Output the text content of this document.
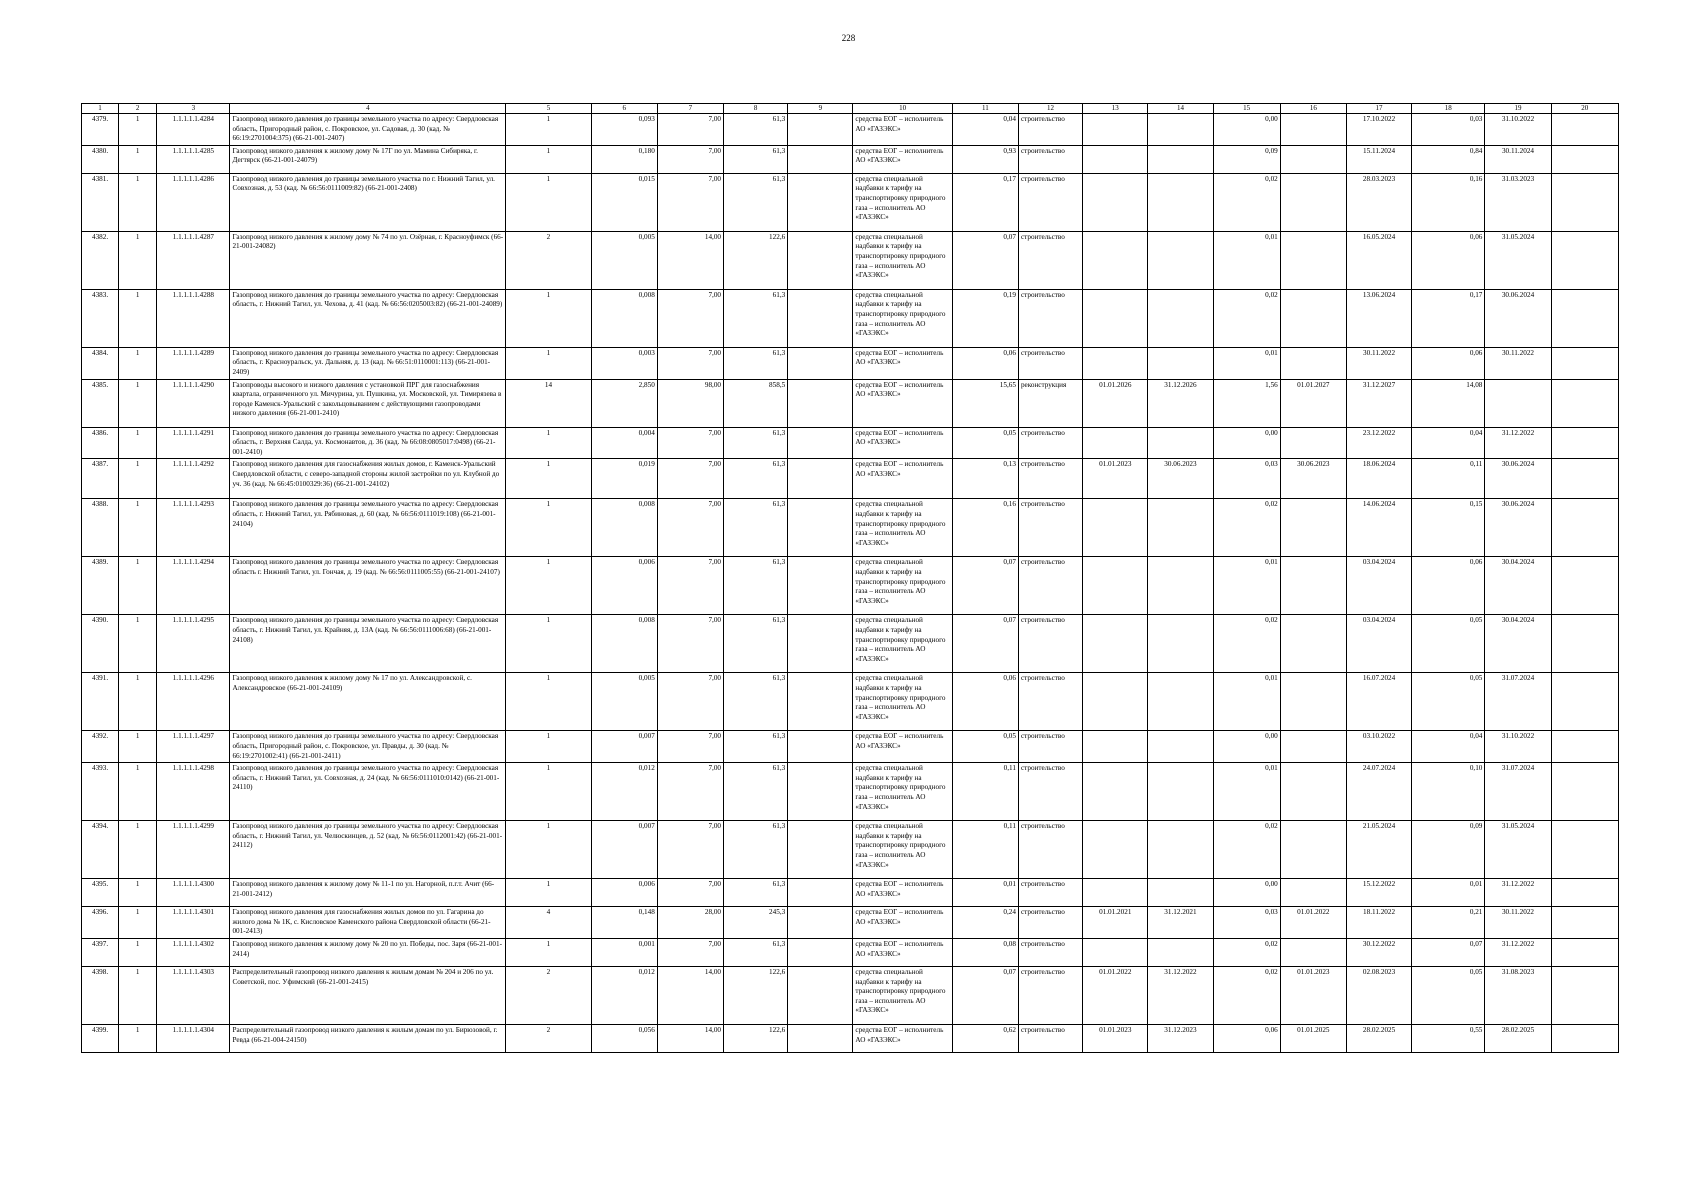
228
1	2	3	4	5	6	7	8	9	10	11	12	13	14	15	16	17	18	19	20
4379.	1	1.1.1.1.1.4284	Газопровод низкого давления до границы земельного участка по адресу: Свердловская область, Пригородный район, с. Покровское, ул. Садовая, д. 30 (кад. № 66:19:2701004:375) (66-21-001-2407)	1	0,093	7,00	61,3		средства ЕОГ – исполнитель АО «ГАЗЭКС»	0,04	строительство			0,00		17.10.2022	0,03	31.10.2022	
4380.	1	1.1.1.1.1.4285	Газопровод низкого давления к жилому дому № 17Г по ул. Мамина Сибиряка, г. Дегтярск (66-21-001-24079)	1	0,180	7,00	61,3		средства ЕОГ – исполнитель АО «ГАЗЭКС»	0,93	строительство			0,09		15.11.2024	0,84	30.11.2024	
4381.	1	1.1.1.1.1.4286	Газопровод низкого давления до границы земельного участка по г. Нижний Тагил, ул. Совхозная, д. 53 (кад. № 66:56:0111009:82) (66-21-001-2408)	1	0,015	7,00	61,3		средства специальной надбавки к тарифу на транспортировку природного газа – исполнитель АО «ГАЗЭКС»	0,17	строительство			0,02		28.03.2023	0,16	31.03.2023	
4382.	1	1.1.1.1.1.4287	Газопровод низкого давления к жилому дому № 74 по ул. Озёрная, г. Красноуфимск (66-21-001-24082)	2	0,005	14,00	122,6		средства специальной надбавки к тарифу на транспортировку природного газа – исполнитель АО «ГАЗЭКС»	0,07	строительство			0,01		16.05.2024	0,06	31.05.2024	
4383.	1	1.1.1.1.1.4288	Газопровод низкого давления до границы земельного участка по адресу: Свердловская область, г. Нижний Тагил, ул. Чехова, д. 41 (кад. № 66:56:0205003:82) (66-21-001-24089)	1	0,008	7,00	61,3		средства специальной надбавки к тарифу на транспортировку природного газа – исполнитель АО «ГАЗЭКС»	0,19	строительство			0,02		13.06.2024	0,17	30.06.2024	
4384.	1	1.1.1.1.1.4289	Газопровод низкого давления до границы земельного участка по адресу: Свердловская область, г. Красноуральск, ул. Дальняя, д. 13 (кад. № 66:51:0110001:113) (66-21-001-2409)	1	0,003	7,00	61,3		средства ЕОГ – исполнитель АО «ГАЗЭКС»	0,06	строительство			0,01		30.11.2022	0,06	30.11.2022	
4385.	1	1.1.1.1.1.4290	Газопроводы высокого и низкого давления с установкой ПРГ для газоснабжения квартала, ограниченного ул. Мичурина, ул. Пушкина, ул. Московской, ул. Тимирязева в городе Каменск-Уральский с закольцовыванием с действующими газопроводами низкого давления (66-21-001-2410)	14	2,850	98,00	858,5		средства ЕОГ – исполнитель АО «ГАЗЭКС»	15,65	реконструкция	01.01.2026	31.12.2026	1,56	01.01.2027	31.12.2027	14,08		
4386.	1	1.1.1.1.1.4291	Газопровод низкого давления до границы земельного участка по адресу: Свердловская область, г. Верхняя Салда, ул. Космонавтов, д. 36 (кад. № 66:08:0805017:0498) (66-21-001-2410)	1	0,004	7,00	61,3		средства ЕОГ – исполнитель АО «ГАЗЭКС»	0,05	строительство			0,00		23.12.2022	0,04	31.12.2022	
4387.	1	1.1.1.1.1.4292	Газопровод низкого давления для газоснабжения жилых домов, г. Каменск-Уральский Свердловской области, с северо-западной стороны жилой застройки по ул. Клубной до уч. 36 (кад. № 66:45:0100329:36) (66-21-001-24102)	1	0,019	7,00	61,3		средства ЕОГ – исполнитель АО «ГАЗЭКС»	0,13	строительство	01.01.2023	30.06.2023	0,03	30.06.2023	18.06.2024	0,11	30.06.2024	
4388.	1	1.1.1.1.1.4293	Газопровод низкого давления до границы земельного участка по адресу: Свердловская область, г. Нижний Тагил, ул. Рябиновая, д. 60 (кад. № 66:56:0111019:108) (66-21-001-24104)	1	0,008	7,00	61,3		средства специальной надбавки к тарифу на транспортировку природного газа – исполнитель АО «ГАЗЭКС»	0,16	строительство			0,02		14.06.2024	0,15	30.06.2024	
4389.	1	1.1.1.1.1.4294	Газопровод низкого давления до границы земельного участка по адресу: Свердловская область г. Нижний Тагил, ул. Гончая, д. 19 (кад. № 66:56:0111005:55) (66-21-001-24107)	1	0,006	7,00	61,3		средства специальной надбавки к тарифу на транспортировку природного газа – исполнитель АО «ГАЗЭКС»	0,07	строительство			0,01		03.04.2024	0,06	30.04.2024	
4390.	1	1.1.1.1.1.4295	Газопровод низкого давления до границы земельного участка по адресу: Свердловская область, г. Нижний Тагил, ул. Крайняя, д. 13А (кад. № 66:56:0111006:68) (66-21-001-24108)	1	0,008	7,00	61,3		средства специальной надбавки к тарифу на транспортировку природного газа – исполнитель АО «ГАЗЭКС»	0,07	строительство			0,02		03.04.2024	0,05	30.04.2024	
4391.	1	1.1.1.1.1.4296	Газопровод низкого давления к жилому дому № 17 по ул. Александровской, с. Александровское (66-21-001-24109)	1	0,005	7,00	61,3		средства специальной надбавки к тарифу на транспортировку природного газа – исполнитель АО «ГАЗЭКС»	0,06	строительство			0,01		16.07.2024	0,05	31.07.2024	
4392.	1	1.1.1.1.1.4297	Газопровод низкого давления до границы земельного участка по адресу: Свердловская область, Пригородный район, с. Покровское, ул. Правды, д. 30 (кад. № 66:19:2701002:41) (66-21-001-2411)	1	0,007	7,00	61,3		средства ЕОГ – исполнитель АО «ГАЗЭКС»	0,05	строительство			0,00		03.10.2022	0,04	31.10.2022	
4393.	1	1.1.1.1.1.4298	Газопровод низкого давления до границы земельного участка по адресу: Свердловская область, г. Нижний Тагил, ул. Совхозная, д. 24 (кад. № 66:56:0111010:0142) (66-21-001-24110)	1	0,012	7,00	61,3		средства специальной надбавки к тарифу на транспортировку природного газа – исполнитель АО «ГАЗЭКС»	0,11	строительство			0,01		24.07.2024	0,10	31.07.2024	
4394.	1	1.1.1.1.1.4299	Газопровод низкого давления до границы земельного участка по адресу: Свердловская область, г. Нижний Тагил, ул. Челюскинцев, д. 52 (кад. № 66:56:0112001:42) (66-21-001-24112)	1	0,007	7,00	61,3		средства специальной надбавки к тарифу на транспортировку природного газа – исполнитель АО «ГАЗЭКС»	0,11	строительство			0,02		21.05.2024	0,09	31.05.2024	
4395.	1	1.1.1.1.1.4300	Газопровод низкого давления к жилому дому № 11-1 по ул. Нагорной, п.г.т. Ачит (66-21-001-2412)	1	0,006	7,00	61,3		средства ЕОГ – исполнитель АО «ГАЗЭКС»	0,01	строительство			0,00		15.12.2022	0,01	31.12.2022	
4396.	1	1.1.1.1.1.4301	Газопровод низкого давления для газоснабжения жилых домов по ул. Гагарина до жилого дома № 1К, с. Кисловское Каменского района Свердловской области (66-21-001-2413)	4	0,148	28,00	245,3		средства ЕОГ – исполнитель АО «ГАЗЭКС»	0,24	строительство	01.01.2021	31.12.2021	0,03	01.01.2022	18.11.2022	0,21	30.11.2022	
4397.	1	1.1.1.1.1.4302	Газопровод низкого давления к жилому дому № 20 по ул. Победы, пос. Заря (66-21-001-2414)	1	0,001	7,00	61,3		средства ЕОГ – исполнитель АО «ГАЗЭКС»	0,08	строительство			0,02		30.12.2022	0,07	31.12.2022	
4398.	1	1.1.1.1.1.4303	Распределительный газопровод низкого давления к жилым домам № 204 и 206 по ул. Советской, пос. Уфимский (66-21-001-2415)	2	0,012	14,00	122,6		средства специальной надбавки к тарифу на транспортировку природного газа – исполнитель АО «ГАЗЭКС»	0,07	строительство	01.01.2022	31.12.2022	0,02	01.01.2023	02.08.2023	0,05	31.08.2023	
4399.	1	1.1.1.1.1.4304	Распределительный газопровод низкого давления к жилым домам по ул. Бирюзовой, г. Ревда (66-21-004-24150)	2	0,056	14,00	122,6		средства ЕОГ – исполнитель АО «ГАЗЭКС»	0,62	строительство	01.01.2023	31.12.2023	0,06	01.01.2025	28.02.2025	0,55	28.02.2025	
